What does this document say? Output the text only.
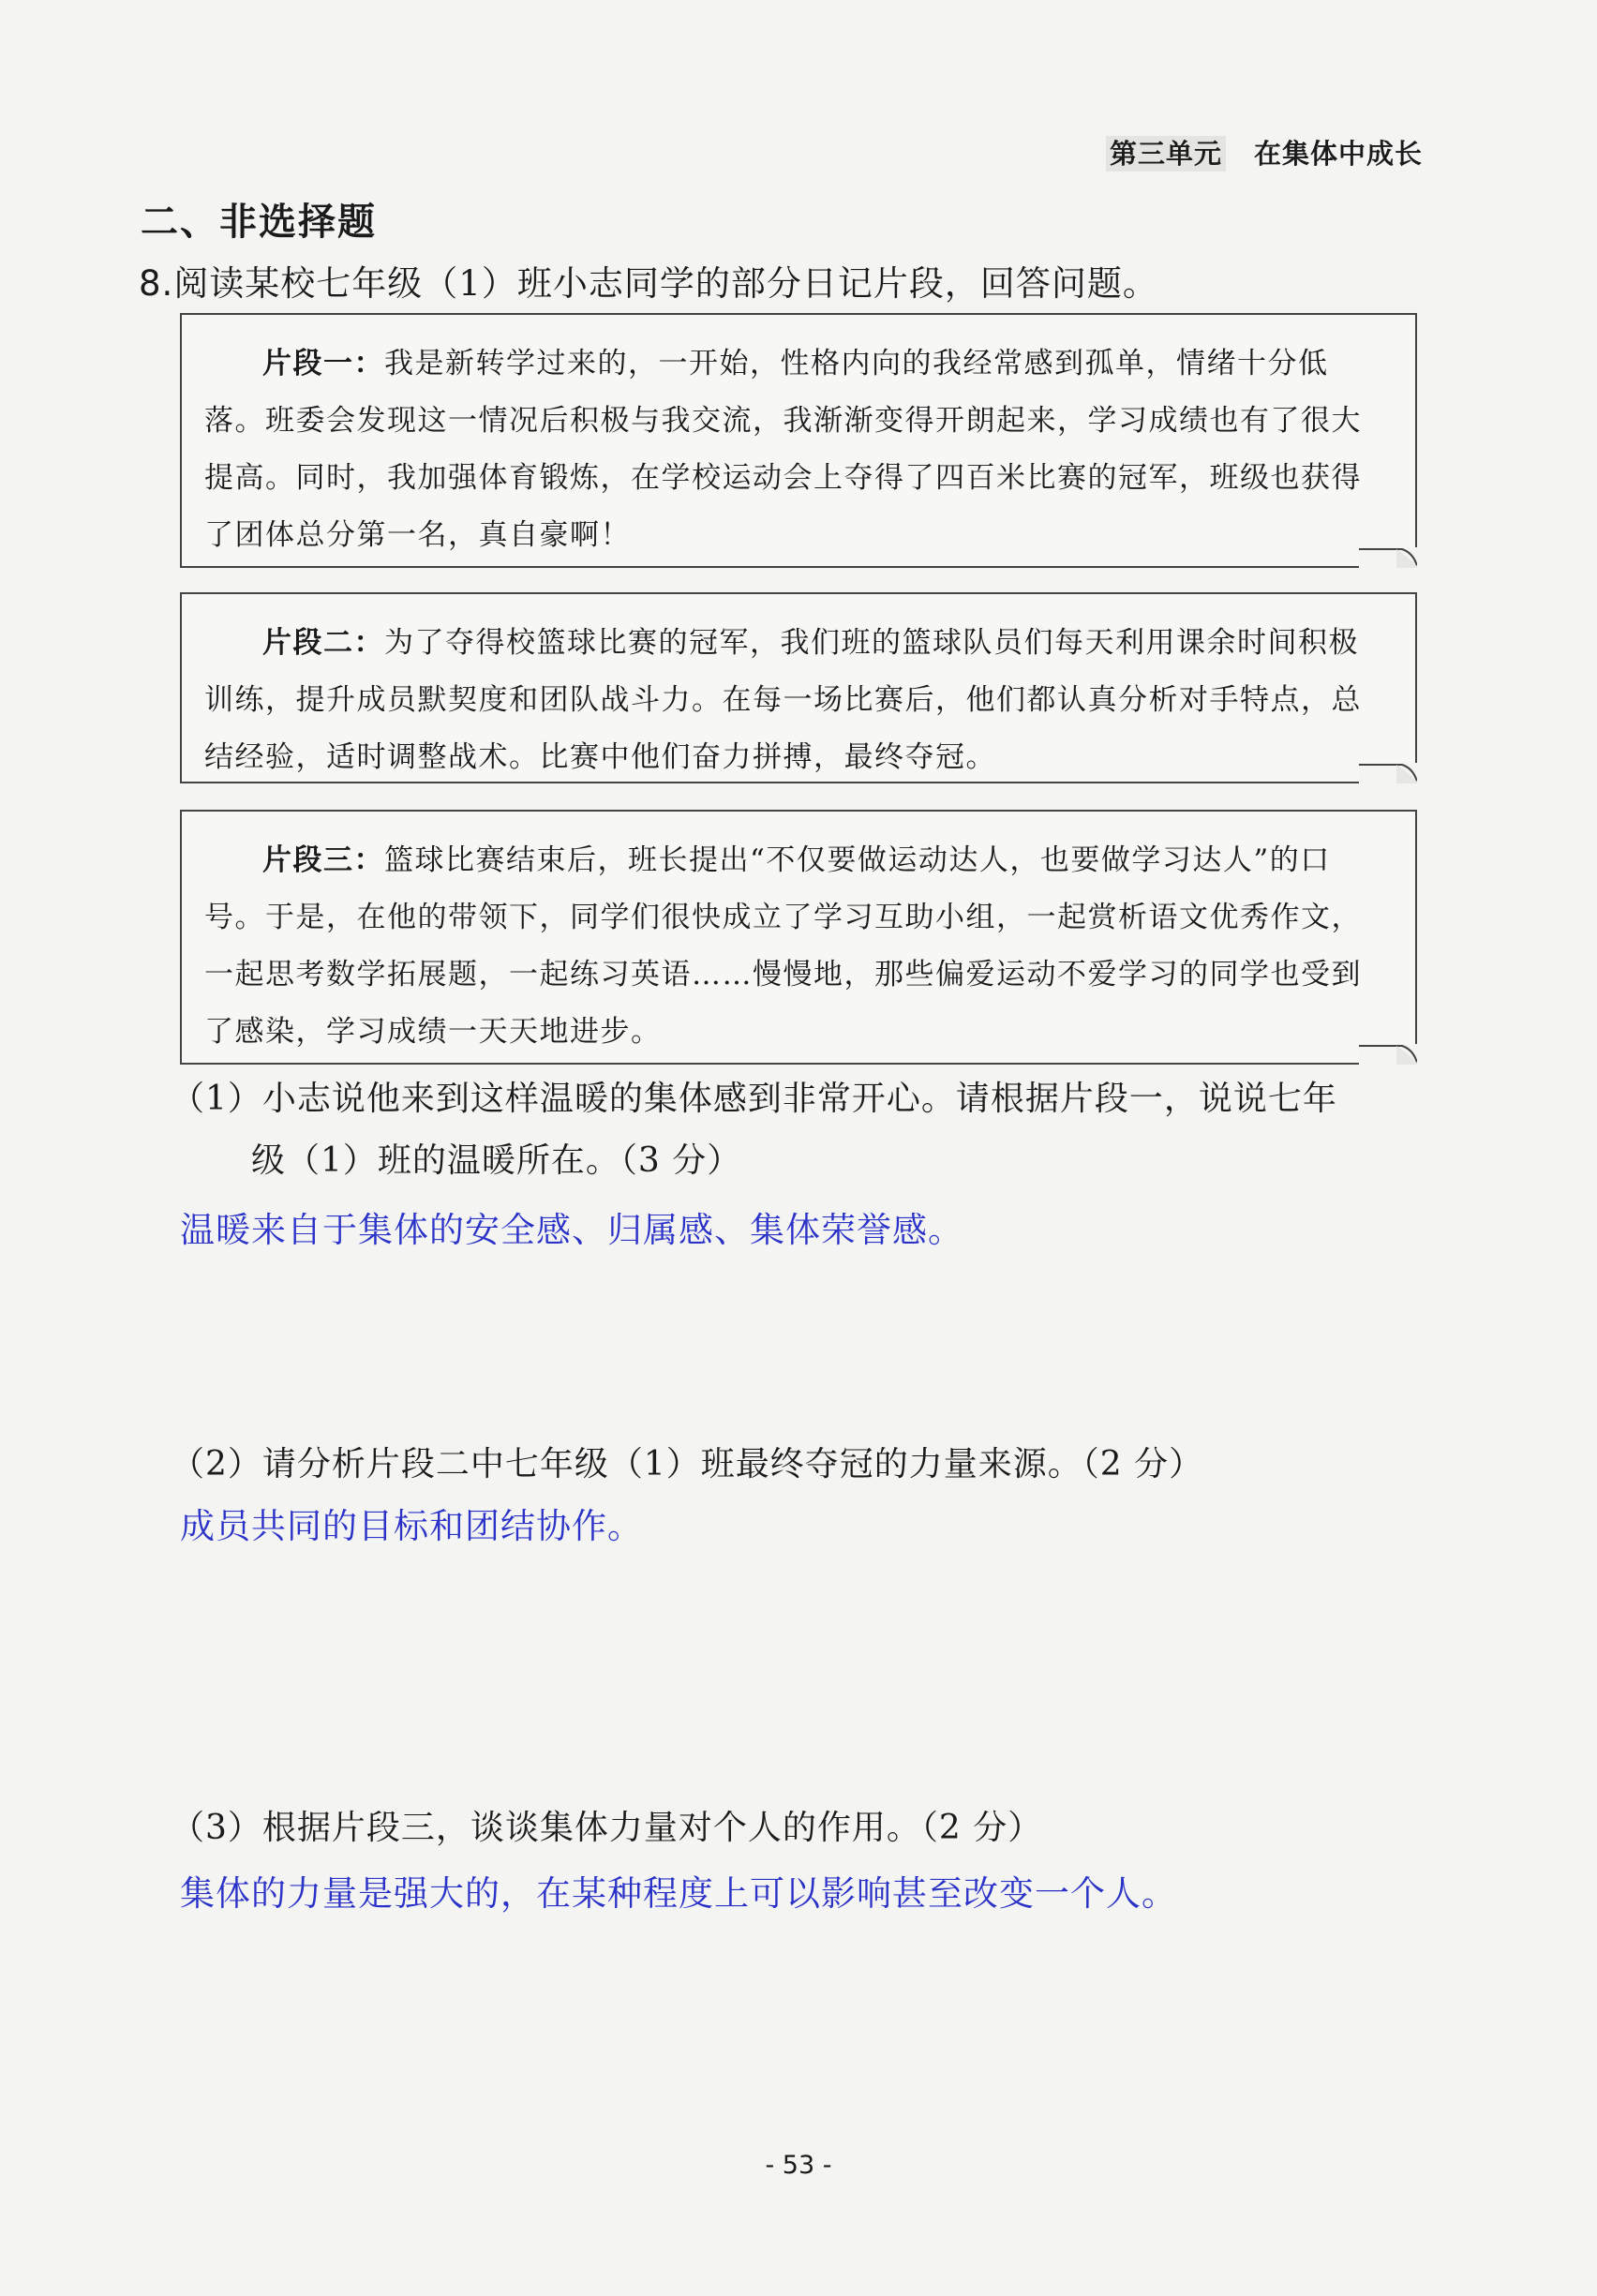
第三单元 在集体中成长
二、非选择题
8.阅读某校七年级（1）班小志同学的部分日记片段，回答问题。

片段一：我是新转学过来的，一开始，性格内向的我经常感到孤单，情绪十分低落。班委会发现这一情况后积极与我交流，我渐渐变得开朗起来，学习成绩也有了很大提高。同时，我加强体育锻炼，在学校运动会上夺得了四百米比赛的冠军，班级也获得了团体总分第一名，真自豪啊！

片段二：为了夺得校篮球比赛的冠军，我们班的篮球队员们每天利用课余时间积极训练，提升成员默契度和团队战斗力。在每一场比赛后，他们都认真分析对手特点，总结经验，适时调整战术。比赛中他们奋力拼搏，最终夺冠。

片段三：篮球比赛结束后，班长提出“不仅要做运动达人，也要做学习达人”的口号。于是，在他的带领下，同学们很快成立了学习互助小组，一起赏析语文优秀作文，一起思考数学拓展题，一起练习英语……慢慢地，那些偏爱运动不爱学习的同学也受到了感染，学习成绩一天天地进步。

（1）小志说他来到这样温暖的集体感到非常开心。请根据片段一，说说七年
级（1）班的温暖所在。（3 分）
温暖来自于集体的安全感、归属感、集体荣誉感。
（2）请分析片段二中七年级（1）班最终夺冠的力量来源。（2 分）
成员共同的目标和团结协作。
（3）根据片段三，谈谈集体力量对个人的作用。（2 分）
集体的力量是强大的，在某种程度上可以影响甚至改变一个人。
- 53 -
